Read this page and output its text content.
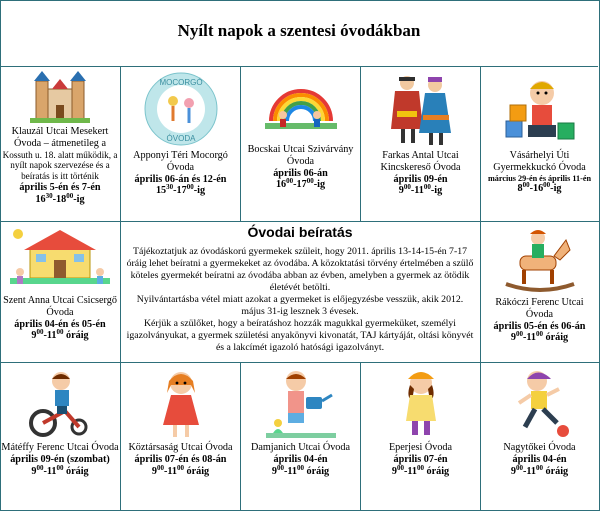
Nyílt napok a szentesi óvodákban
Klauzál Utcai Mesekert Óvoda – átmenetileg a
Kossuth u. 18. alatt működik, a nyílt napok szervezése és a beíratás is itt történik
április 5-én és 7-én
$16^{30}-18^{00}-ig$
MOCORGÓ
ÓVODA
Apponyi Téri Mocorgó Óvoda
április 06-án és 12-én
$15^{30}-17^{00}-ig$
Bocskai Utcai Szivárvány Óvoda
április 06-án
$16^{00}-17^{00}-ig$
Farkas Antal Utcai Kincskereső Óvoda
április 09-én
$9^{00}-11^{00}-ig$
Vásárhelyi Úti Gyermekkuckó Óvoda
március 29-én és április 11-én
$8^{00}-16^{00}-ig$
Szent Anna Utcai Csicsergő Óvoda
április 04-én és 05-én
$9^{00}-11^{00}$ óráig
Óvodai beíratás

Tájékoztatjuk az óvodáskorú gyermekek szüleit, hogy 2011. április 13-14-15-én 7-17 óráig lehet beíratni a gyermekeket az óvodába. A közoktatási törvény értelmében a szülő köteles gyermekét beíratni az óvodába abban az évben, amelyben a gyermek az ötödik életévét betölti.

Nyilvántartásba vétel miatt azokat a gyermeket is előjegyzésbe vesszük, akik 2012. május 31-ig lesznek 3 évesek.

Kérjük a szülőket, hogy a beíratáshoz hozzák magukkal gyermeküket, személyi igazolványukat, a gyermek születési anyakönyvi kivonatát, TAJ kártyáját, oltási könyvét és a lakcímét igazoló hatósági igazolványt.

Rákóczi Ferenc Utcai Óvoda
április 05-én és 06-án
$9^{00}-11^{00}$ óráig
Mátéffy Ferenc Utcai Óvoda
április 09-én (szombat)
$9^{00}-11^{00}$ óráig
Köztársaság Utcai Óvoda
április 07-én és 08-án
$9^{00}-11^{00}$ óráig
Damjanich Utcai Óvoda
április 04-én
$9^{00}-11^{00}$ óráig
Eperjesi Óvoda
április 07-én
$9^{00}-11^{00}$ óráig
Nagytőkei Óvoda
április 04-én
$9^{00}-11^{00}$ óráig
